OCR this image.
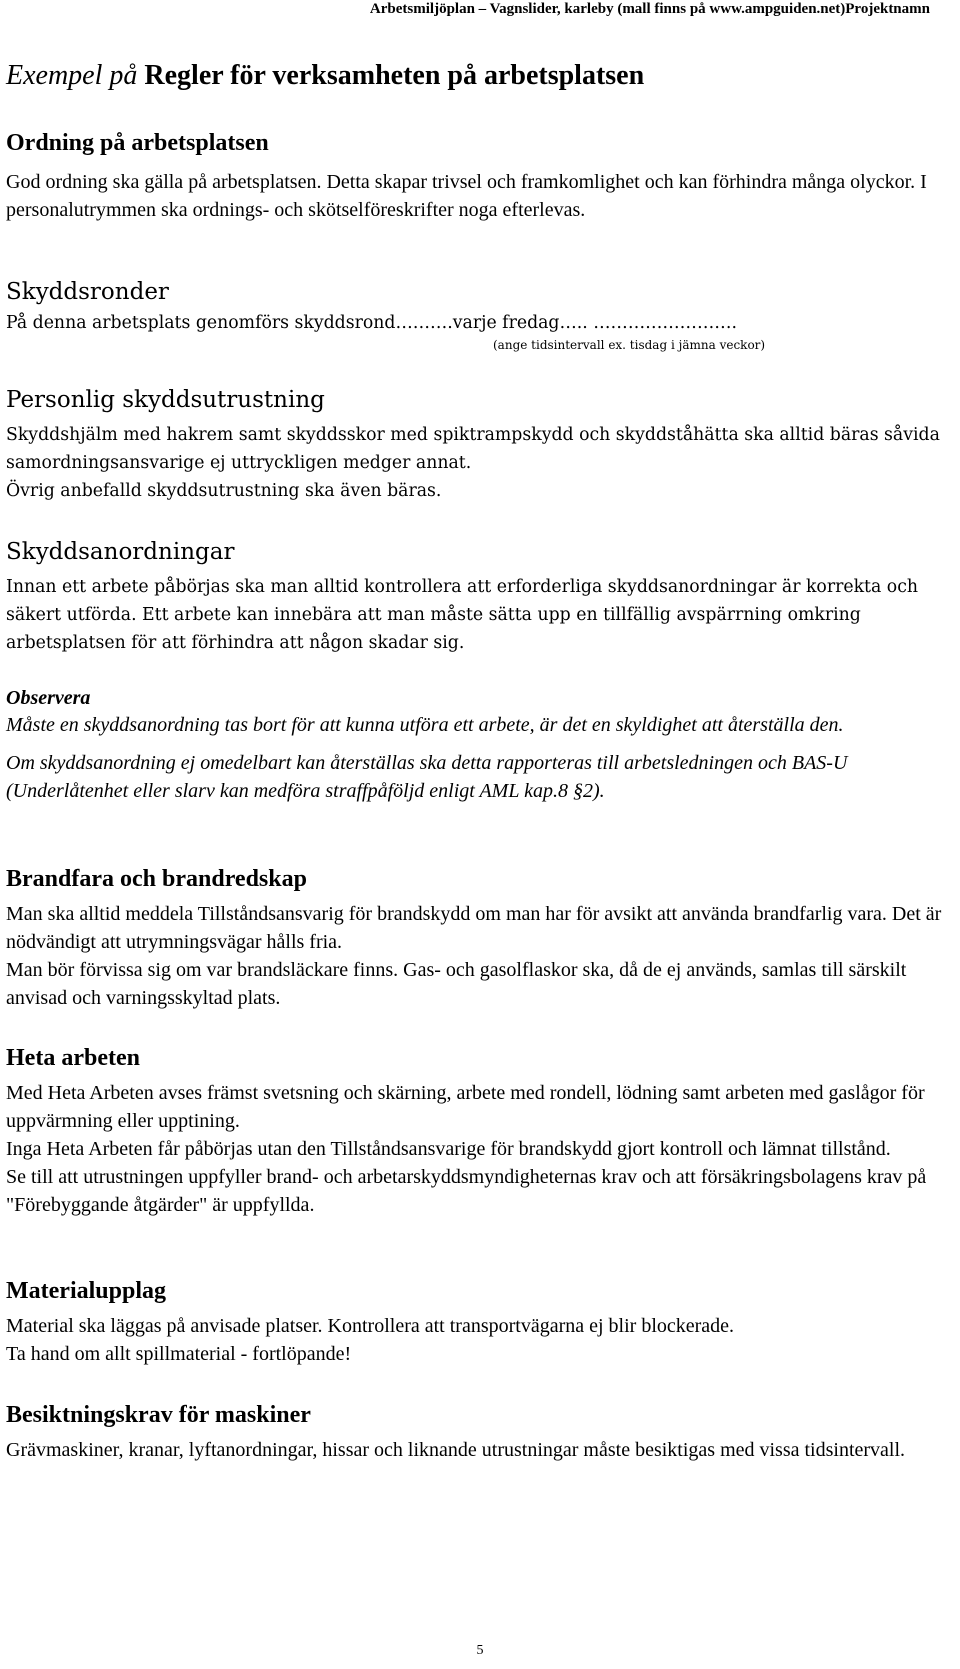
Arbetsmiljöplan – Vagnslider, karleby (mall finns på www.ampguiden.net)Projektnamn
Exempel på Regler för verksamheten på arbetsplatsen
Ordning på arbetsplatsen

God ordning ska gälla på arbetsplatsen. Detta skapar trivsel och framkomlighet och kan förhindra många olyckor. I personalutrymmen ska ordnings- och skötselföreskrifter noga efterlevas.

Skyddsronder

På denna arbetsplats genomförs skyddsrond……….varje fredag….. …………………….

(ange tidsintervall ex. tisdag i jämna veckor)

Personlig skyddsutrustning

Skyddshjälm med hakrem samt skyddsskor med spiktrampskydd och skyddståhätta ska alltid bäras såvida samordningsansvarige ej uttryckligen medger annat.

Övrig anbefalld skyddsutrustning ska även bäras.

Skyddsanordningar

Innan ett arbete påbörjas ska man alltid kontrollera att erforderliga skyddsanordningar är korrekta och säkert utförda. Ett arbete kan innebära att man måste sätta upp en tillfällig avspärrning omkring arbetsplatsen för att förhindra att någon skadar sig.

Observera

Måste en skyddsanordning tas bort för att kunna utföra ett arbete, är det en skyldighet att återställa den.

Om skyddsanordning ej omedelbart kan återställas ska detta rapporteras till arbetsledningen och BAS-U (Underlåtenhet eller slarv kan medföra straffpåföljd enligt AML kap.8 §2).

Brandfara och brandredskap

Man ska alltid meddela Tillståndsansvarig för brandskydd om man har för avsikt att använda brandfarlig vara. Det är nödvändigt att utrymningsvägar hålls fria.

Man bör förvissa sig om var brandsläckare finns. Gas- och gasolflaskor ska, då de ej används, samlas till särskilt anvisad och varningsskyltad plats.

Heta arbeten

Med Heta Arbeten avses främst svetsning och skärning, arbete med rondell, lödning samt arbeten med gaslågor för uppvärmning eller upptining.

Inga Heta Arbeten får påbörjas utan den Tillståndsansvarige för brandskydd gjort kontroll och lämnat tillstånd.

Se till att utrustningen uppfyller brand- och arbetarskyddsmyndigheternas krav och att försäkringsbolagens krav på "Förebyggande åtgärder" är uppfyllda.

Materialupplag

Material ska läggas på anvisade platser. Kontrollera att transportvägarna ej blir blockerade.

Ta hand om allt spillmaterial - fortlöpande!

Besiktningskrav för maskiner

Grävmaskiner, kranar, lyftanordningar, hissar och liknande utrustningar måste besiktigas med vissa tidsintervall.

5
